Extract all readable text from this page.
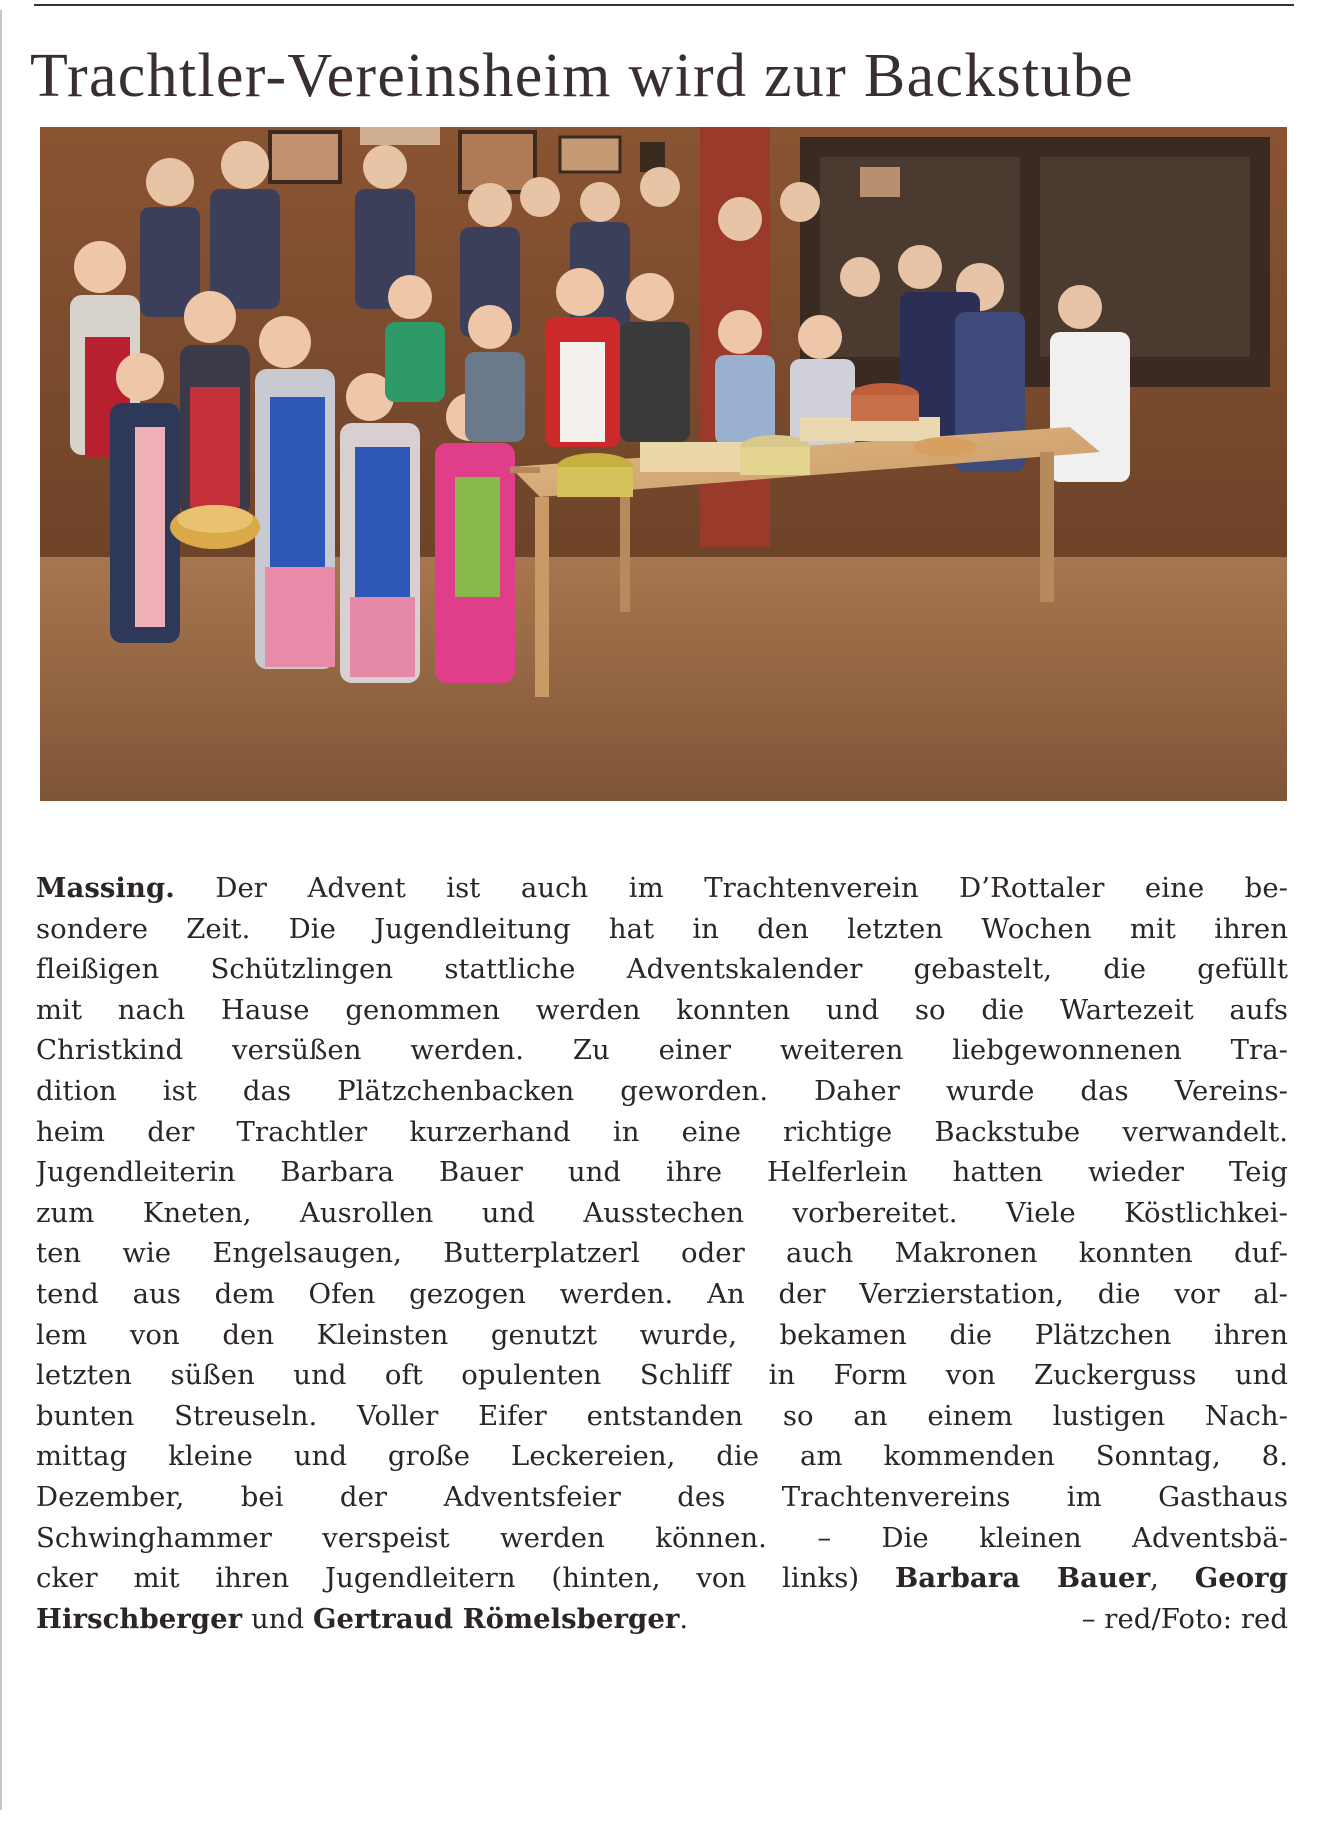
Trachtler-Vereinsheim wird zur Backstube
Massing. Der Advent ist auch im Trachtenverein D’Rottaler eine be-
sondere Zeit. Die Jugendleitung hat in den letzten Wochen mit ihren
fleißigen Schützlingen stattliche Adventskalender gebastelt, die gefüllt
mit nach Hause genommen werden konnten und so die Wartezeit aufs
Christkind versüßen werden. Zu einer weiteren liebgewonnenen Tra-
dition ist das Plätzchenbacken geworden. Daher wurde das Vereins-
heim der Trachtler kurzerhand in eine richtige Backstube verwandelt.
Jugendleiterin Barbara Bauer und ihre Helferlein hatten wieder Teig
zum Kneten, Ausrollen und Ausstechen vorbereitet. Viele Köstlichkei-
ten wie Engelsaugen, Butterplatzerl oder auch Makronen konnten duf-
tend aus dem Ofen gezogen werden. An der Verzierstation, die vor al-
lem von den Kleinsten genutzt wurde, bekamen die Plätzchen ihren
letzten süßen und oft opulenten Schliff in Form von Zuckerguss und
bunten Streuseln. Voller Eifer entstanden so an einem lustigen Nach-
mittag kleine und große Leckereien, die am kommenden Sonntag, 8.
Dezember, bei der Adventsfeier des Trachtenvereins im Gasthaus
Schwinghammer verspeist werden können. – Die kleinen Adventsbä-
cker mit ihren Jugendleitern (hinten, von links) Barbara Bauer, Georg
Hirschberger und Gertraud Römelsberger.	– red/Foto: red
